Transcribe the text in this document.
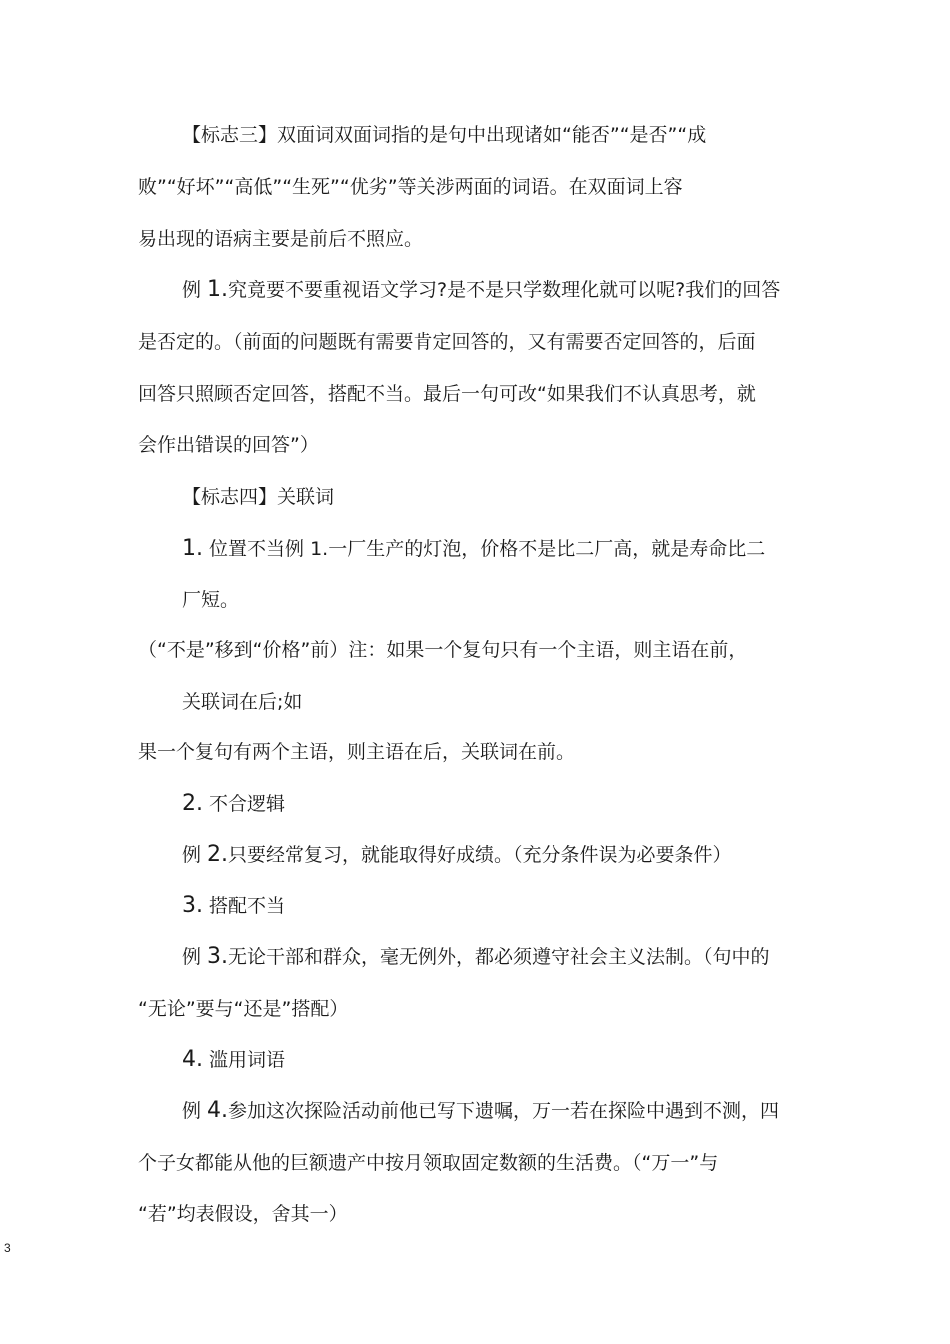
【标志三】双面词双面词指的是句中出现诸如“能否”“是否”“成
败”“好坏”“高低”“生死”“优劣”等关涉两面的词语。在双面词上容
易出现的语病主要是前后不照应。
例 1.究竟要不要重视语文学习?是不是只学数理化就可以呢?我们的回答
是否定的。（前面的问题既有需要肯定回答的，又有需要否定回答的，后面
回答只照顾否定回答，搭配不当。最后一句可改“如果我们不认真思考，就
会作出错误的回答”）
【标志四】关联词
1. 位置不当例 1.一厂生产的灯泡，价格不是比二厂高，就是寿命比二
厂短。
（“不是”移到“价格”前）注：如果一个复句只有一个主语，则主语在前，
关联词在后;如
果一个复句有两个主语，则主语在后，关联词在前。
2. 不合逻辑
例 2.只要经常复习，就能取得好成绩。（充分条件误为必要条件）
3. 搭配不当
例 3.无论干部和群众，毫无例外，都必须遵守社会主义法制。（句中的
“无论”要与“还是”搭配）
4. 滥用词语
例 4.参加这次探险活动前他已写下遗嘱，万一若在探险中遇到不测，四
个子女都能从他的巨额遗产中按月领取固定数额的生活费。（“万一”与
“若”均表假设，舍其一）
3
